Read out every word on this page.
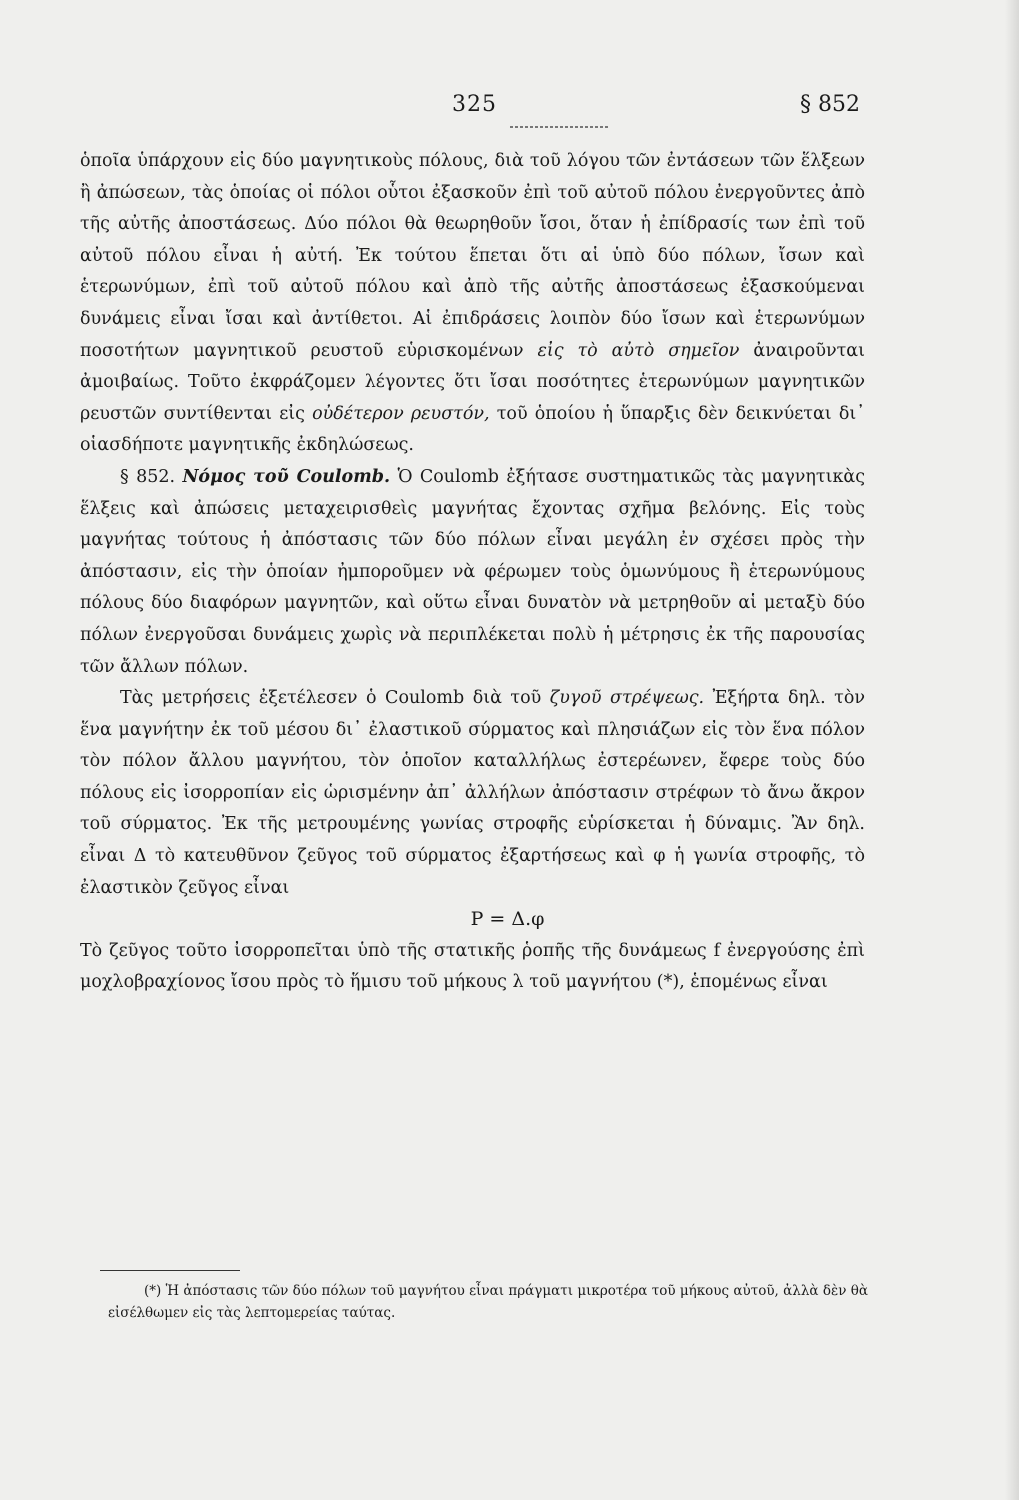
325	§ 852

ὁποῖα ὑπάρχουν εἰς δύο μαγνητικοὺς πόλους, διὰ τοῦ λόγου τῶν ἐντάσεων τῶν ἕλξεων ἢ ἀπώσεων, τὰς ὁποίας οἱ πόλοι οὗτοι ἐξασκοῦν ἐπὶ τοῦ αὐτοῦ πόλου ἐνεργοῦντες ἀπὸ τῆς αὐτῆς ἀποστάσεως. Δύο πόλοι θὰ θεωρηθοῦν ἴσοι, ὅταν ἡ ἐπίδρασίς των ἐπὶ τοῦ αὐτοῦ πόλου εἶναι ἡ αὐτή. Ἐκ τούτου ἕπεται ὅτι αἱ ὑπὸ δύο πόλων, ἴσων καὶ ἑτερωνύμων, ἐπὶ τοῦ αὐτοῦ πόλου καὶ ἀπὸ τῆς αὐτῆς ἀποστάσεως ἐξασκούμεναι δυνάμεις εἶναι ἴσαι καὶ ἀντίθετοι. Αἱ ἐπιδράσεις λοιπὸν δύο ἴσων καὶ ἑτερωνύμων ποσοτήτων μαγνητικοῦ ρευστοῦ εὑρισκομένων εἰς τὸ αὐτὸ σημεῖον ἀναιροῦνται ἀμοιβαίως. Τοῦτο ἐκφράζομεν λέγοντες ὅτι ἴσαι ποσότητες ἑτερωνύμων μαγνητικῶν ρευστῶν συντίθενται εἰς οὐδέτερον ρευστόν, τοῦ ὁποίου ἡ ὕπαρξις δὲν δεικνύεται δι᾽ οἱασδήποτε μαγνητικῆς ἐκδηλώσεως.

§ 852. Νόμος τοῦ Coulomb. Ὁ Coulomb ἐξήτασε συστηματικῶς τὰς μαγνητικὰς ἕλξεις καὶ ἀπώσεις μεταχειρισθεὶς μαγνήτας ἔχοντας σχῆμα βελόνης. Εἰς τοὺς μαγνήτας τούτους ἡ ἀπόστασις τῶν δύο πόλων εἶναι μεγάλη ἐν σχέσει πρὸς τὴν ἀπόστασιν, εἰς τὴν ὁποίαν ἠμποροῦμεν νὰ φέρωμεν τοὺς ὁμωνύμους ἢ ἑτερωνύμους πόλους δύο διαφόρων μαγνητῶν, καὶ οὕτω εἶναι δυνατὸν νὰ μετρηθοῦν αἱ μεταξὺ δύο πόλων ἐνεργοῦσαι δυνάμεις χωρὶς νὰ περιπλέκεται πολὺ ἡ μέτρησις ἐκ τῆς παρουσίας τῶν ἄλλων πόλων.

Τὰς μετρήσεις ἐξετέλεσεν ὁ Coulomb διὰ τοῦ ζυγοῦ στρέψεως. Ἐξήρτα δηλ. τὸν ἕνα μαγνήτην ἐκ τοῦ μέσου δι᾽ ἐλαστικοῦ σύρματος καὶ πλησιάζων εἰς τὸν ἕνα πόλον τὸν πόλον ἄλλου μαγνήτου, τὸν ὁποῖον καταλλήλως ἐστερέωνεν, ἔφερε τοὺς δύο πόλους εἰς ἰσορροπίαν εἰς ὡρισμένην ἀπ᾽ ἀλλήλων ἀπόστασιν στρέφων τὸ ἄνω ἄκρον τοῦ σύρματος. Ἐκ τῆς μετρουμένης γωνίας στροφῆς εὑρίσκεται ἡ δύναμις. Ἂν δηλ. εἶναι Δ τὸ κατευθῦνον ζεῦγος τοῦ σύρματος ἐξαρτήσεως καὶ φ ἡ γωνία στροφῆς, τὸ ἐλαστικὸν ζεῦγος εἶναι

P = Δ.φ

Τὸ ζεῦγος τοῦτο ἰσορροπεῖται ὑπὸ τῆς στατικῆς ῥοπῆς τῆς δυνάμεως f ἐνεργούσης ἐπὶ μοχλοβραχίονος ἴσου πρὸς τὸ ἥμισυ τοῦ μήκους λ τοῦ μαγνήτου (*), ἑπομένως εἶναι

(*) Ἡ ἀπόστασις τῶν δύο πόλων τοῦ μαγνήτου εἶναι πράγματι μικροτέρα τοῦ μήκους αὐτοῦ, ἀλλὰ δὲν θὰ εἰσέλθωμεν εἰς τὰς λεπτομερείας ταύτας.
